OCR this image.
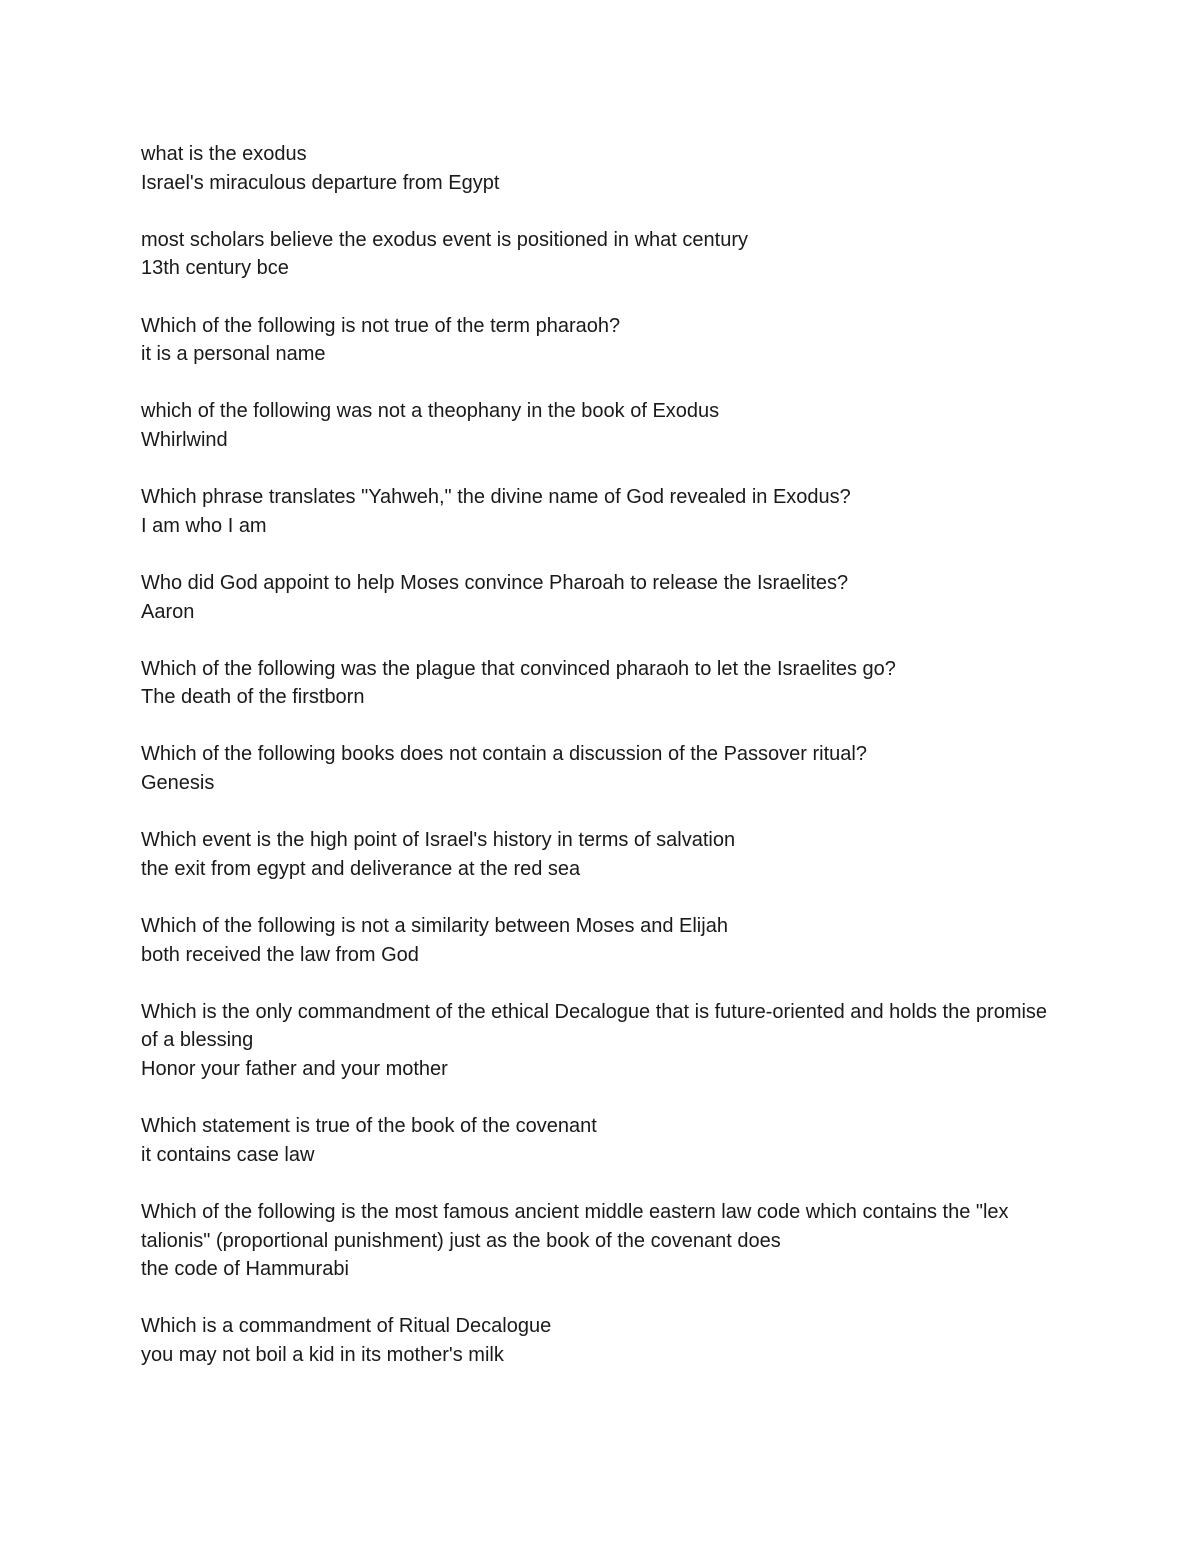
what is the exodus
Israel's miraculous departure from Egypt
most scholars believe the exodus event is positioned in what century
13th century bce
Which of the following is not true of the term pharaoh?
it is a personal name
which of the following was not a theophany in the book of Exodus
Whirlwind
Which phrase translates "Yahweh," the divine name of God revealed in Exodus?
I am who I am
Who did God appoint to help Moses convince Pharoah to release the Israelites?
Aaron
Which of the following was the plague that convinced pharaoh to let the Israelites go?
The death of the firstborn
Which of the following books does not contain a discussion of the Passover ritual?
Genesis
Which event is the high point of Israel's history in terms of salvation
the exit from egypt and deliverance at the red sea
Which of the following is not a similarity between Moses and Elijah
both received the law from God
Which is the only commandment of the ethical Decalogue that is future-oriented and holds the promise of a blessing
Honor your father and your mother
Which statement is true of the book of the covenant
it contains case law
Which of the following is the most famous ancient middle eastern law code which contains the "lex talionis" (proportional punishment) just as the book of the covenant does
the code of Hammurabi
Which is a commandment of Ritual Decalogue
you may not boil a kid in its mother's milk
